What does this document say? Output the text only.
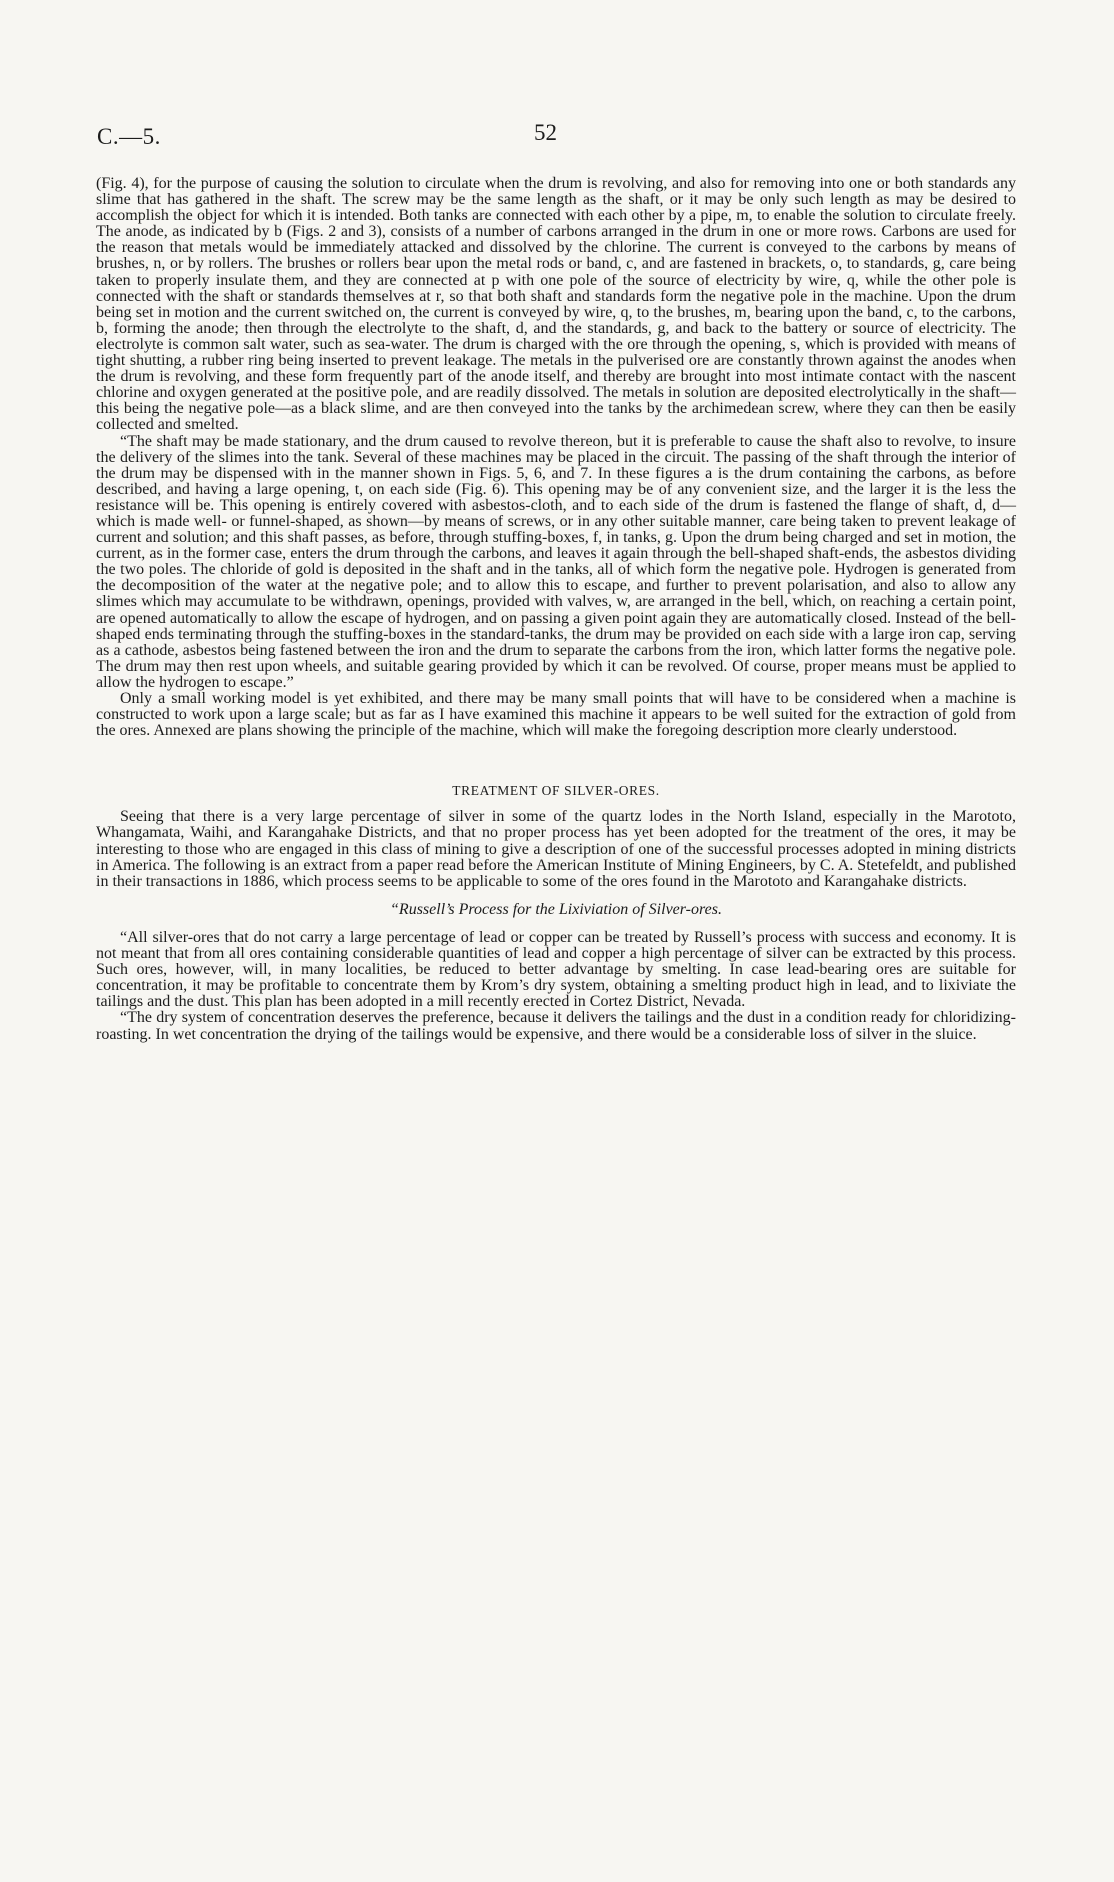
C.—5.	52

(Fig. 4), for the purpose of causing the solution to circulate when the drum is revolving, and also for removing into one or both standards any slime that has gathered in the shaft. The screw may be the same length as the shaft, or it may be only such length as may be desired to accomplish the object for which it is intended. Both tanks are connected with each other by a pipe, m, to enable the solution to circulate freely. The anode, as indicated by b (Figs. 2 and 3), consists of a number of carbons arranged in the drum in one or more rows. Carbons are used for the reason that metals would be immediately attacked and dissolved by the chlorine. The current is conveyed to the carbons by means of brushes, n, or by rollers. The brushes or rollers bear upon the metal rods or band, c, and are fastened in brackets, o, to standards, g, care being taken to properly insulate them, and they are connected at p with one pole of the source of electricity by wire, q, while the other pole is connected with the shaft or standards themselves at r, so that both shaft and standards form the negative pole in the machine. Upon the drum being set in motion and the current switched on, the current is conveyed by wire, q, to the brushes, m, bearing upon the band, c, to the carbons, b, forming the anode; then through the electrolyte to the shaft, d, and the standards, g, and back to the battery or source of electricity. The electrolyte is common salt water, such as sea-water. The drum is charged with the ore through the opening, s, which is provided with means of tight shutting, a rubber ring being inserted to prevent leakage. The metals in the pulverised ore are constantly thrown against the anodes when the drum is revolving, and these form frequently part of the anode itself, and thereby are brought into most intimate contact with the nascent chlorine and oxygen generated at the positive pole, and are readily dissolved. The metals in solution are deposited electrolytically in the shaft—this being the negative pole—as a black slime, and are then conveyed into the tanks by the archimedean screw, where they can then be easily collected and smelted.

“The shaft may be made stationary, and the drum caused to revolve thereon, but it is preferable to cause the shaft also to revolve, to insure the delivery of the slimes into the tank. Several of these machines may be placed in the circuit. The passing of the shaft through the interior of the drum may be dispensed with in the manner shown in Figs. 5, 6, and 7. In these figures a is the drum containing the carbons, as before described, and having a large opening, t, on each side (Fig. 6). This opening may be of any convenient size, and the larger it is the less the resistance will be. This opening is entirely covered with asbestos-cloth, and to each side of the drum is fastened the flange of shaft, d, d—which is made well- or funnel-shaped, as shown—by means of screws, or in any other suitable manner, care being taken to prevent leakage of current and solution; and this shaft passes, as before, through stuffing-boxes, f, in tanks, g. Upon the drum being charged and set in motion, the current, as in the former case, enters the drum through the carbons, and leaves it again through the bell-shaped shaft-ends, the asbestos dividing the two poles. The chloride of gold is deposited in the shaft and in the tanks, all of which form the negative pole. Hydrogen is generated from the decomposition of the water at the negative pole; and to allow this to escape, and further to prevent polarisation, and also to allow any slimes which may accumulate to be withdrawn, openings, provided with valves, w, are arranged in the bell, which, on reaching a certain point, are opened automatically to allow the escape of hydrogen, and on passing a given point again they are automatically closed. Instead of the bell-shaped ends terminating through the stuffing-boxes in the standard-tanks, the drum may be provided on each side with a large iron cap, serving as a cathode, asbestos being fastened between the iron and the drum to separate the carbons from the iron, which latter forms the negative pole. The drum may then rest upon wheels, and suitable gearing provided by which it can be revolved. Of course, proper means must be applied to allow the hydrogen to escape.”

Only a small working model is yet exhibited, and there may be many small points that will have to be considered when a machine is constructed to work upon a large scale; but as far as I have examined this machine it appears to be well suited for the extraction of gold from the ores. Annexed are plans showing the principle of the machine, which will make the foregoing description more clearly understood.

TREATMENT OF SILVER-ORES.

Seeing that there is a very large percentage of silver in some of the quartz lodes in the North Island, especially in the Marototo, Whangamata, Waihi, and Karangahake Districts, and that no proper process has yet been adopted for the treatment of the ores, it may be interesting to those who are engaged in this class of mining to give a description of one of the successful processes adopted in mining districts in America. The following is an extract from a paper read before the American Institute of Mining Engineers, by C. A. Stetefeldt, and published in their transactions in 1886, which process seems to be applicable to some of the ores found in the Marototo and Karangahake districts.

“Russell’s Process for the Lixiviation of Silver-ores.

“All silver-ores that do not carry a large percentage of lead or copper can be treated by Russell’s process with success and economy. It is not meant that from all ores containing considerable quantities of lead and copper a high percentage of silver can be extracted by this process. Such ores, however, will, in many localities, be reduced to better advantage by smelting. In case lead-bearing ores are suitable for concentration, it may be profitable to concentrate them by Krom’s dry system, obtaining a smelting product high in lead, and to lixiviate the tailings and the dust. This plan has been adopted in a mill recently erected in Cortez District, Nevada.

“The dry system of concentration deserves the preference, because it delivers the tailings and the dust in a condition ready for chloridizing-roasting. In wet concentration the drying of the tailings would be expensive, and there would be a considerable loss of silver in the sluice.
